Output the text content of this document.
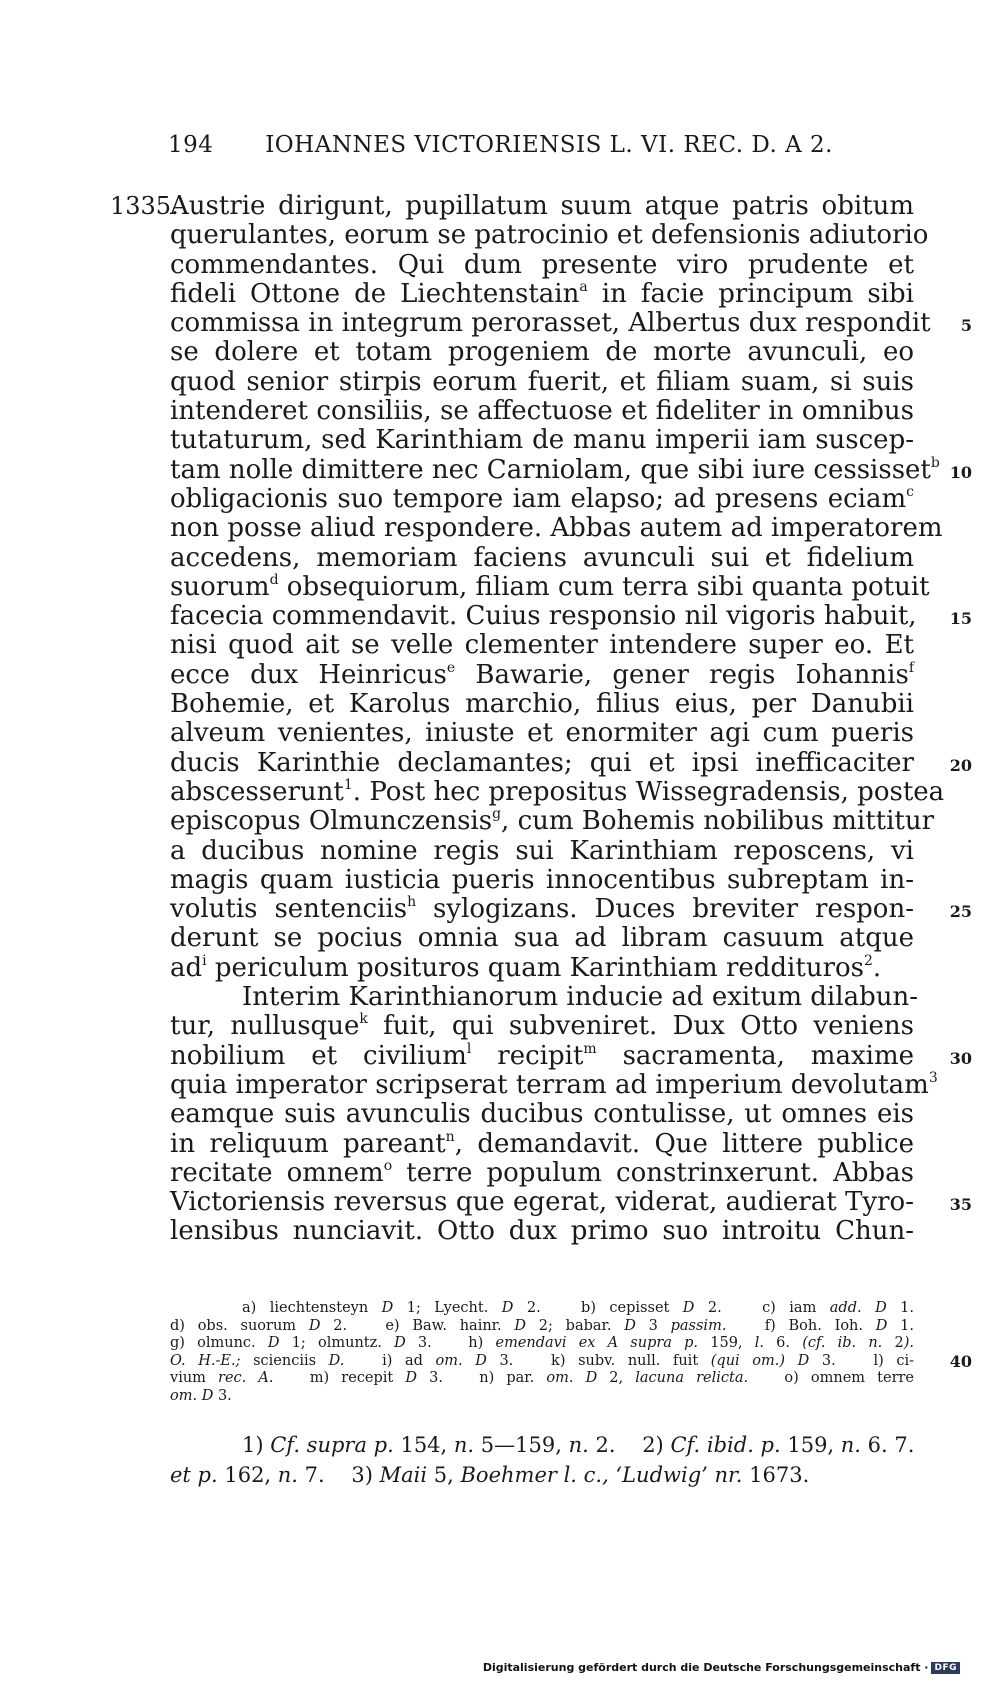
194 IOHANNES VICTORIENSIS L. VI. REC. D. A 2.
1335.
Austrie dirigunt, pupillatum suum atque patris obitum
querulantes, eorum se patrocinio et defensionis adiutorio
commendantes. Qui dum presente viro prudente et
fideli Ottone de Liechtenstain$^a$ in facie principum sibi
commissa in integrum perorasset, Albertus dux respondit 5
se dolere et totam progeniem de morte avunculi, eo
quod senior stirpis eorum fuerit, et filiam suam, si suis
intenderet consiliis, se affectuose et fideliter in omnibus
tutaturum, sed Karinthiam de manu imperii iam suscep-
tam nolle dimittere nec Carniolam, que sibi iure cessisset$^b$ 10
obligacionis suo tempore iam elapso; ad presens eciam$^c$
non posse aliud respondere. Abbas autem ad imperatorem
accedens, memoriam faciens avunculi sui et fidelium
suorum$^d$ obsequiorum, filiam cum terra sibi quanta potuit
facecia commendavit. Cuius responsio nil vigoris habuit, 15
nisi quod ait se velle clementer intendere super eo. Et
ecce dux Heinricus$^e$ Bawarie, gener regis Iohannis$^f$
Bohemie, et Karolus marchio, filius eius, per Danubii
alveum venientes, iniuste et enormiter agi cum pueris
ducis Karinthie declamantes; qui et ipsi inefficaciter 20
abscesserunt$^1$. Post hec prepositus Wissegradensis, postea
episcopus Olmunczensis$^g$, cum Bohemis nobilibus mittitur
a ducibus nomine regis sui Karinthiam reposcens, vi
magis quam iusticia pueris innocentibus subreptam in-
volutis sentenciis$^h$ sylogizans. Duces breviter respon- 25
derunt se pocius omnia sua ad libram casuum atque
$ad^i$ periculum posituros quam Karinthiam reddituros$^2$.
Interim Karinthianorum inducie ad exitum dilabun-
tur, nullusque$^k$ fuit, qui subveniret. Dux Otto veniens
nobilium et civilium$^l$ recipit$^m$ sacramenta, maxime 30
quia imperator scripserat terram ad imperium devolutam$^3$
eamque suis avunculis ducibus contulisse, ut omnes eis
in reliquum pareant$^n$, demandavit. Que littere publice
recitate omnem$^o$ terre populum constrinxerunt. Abbas
Victoriensis reversus que egerat, viderat, audierat Tyro- 35
lensibus nunciavit. Otto dux primo suo introitu Chun-
a) liechtensteyn D 1; Lyecht. D 2.   b) cepisset D 2.   c) iam add. D 1.
d) obs. suorum D 2.   e) Baw. hainr. D 2; babar. D 3 passim.   f) Boh. Ioh. D 1.
g) olmunc. D 1; olmuntz. D 3.   h) emendavi ex A supra p. 159, l. 6. (cf. ib. n. 2).
O. H.-E.; scienciis D.   i) ad om. D 3.   k) subv. null. fuit (qui om.) D 3.   l) ci- 40
vium rec. A.   m) recepit D 3.   n) par. om. D 2, lacuna relicta.   o) omnem terre
om. D 3.
1) Cf. supra p. 154, n. 5—159, n. 2.    2) Cf. ibid. p. 159, n. 6. 7.
et p. 162, n. 7.    3) Maii 5, Boehmer l. c., ‘Ludwig’ nr. 1673.
Digitalisierung gefördert durch die Deutsche Forschungsgemeinschaft · DFG
